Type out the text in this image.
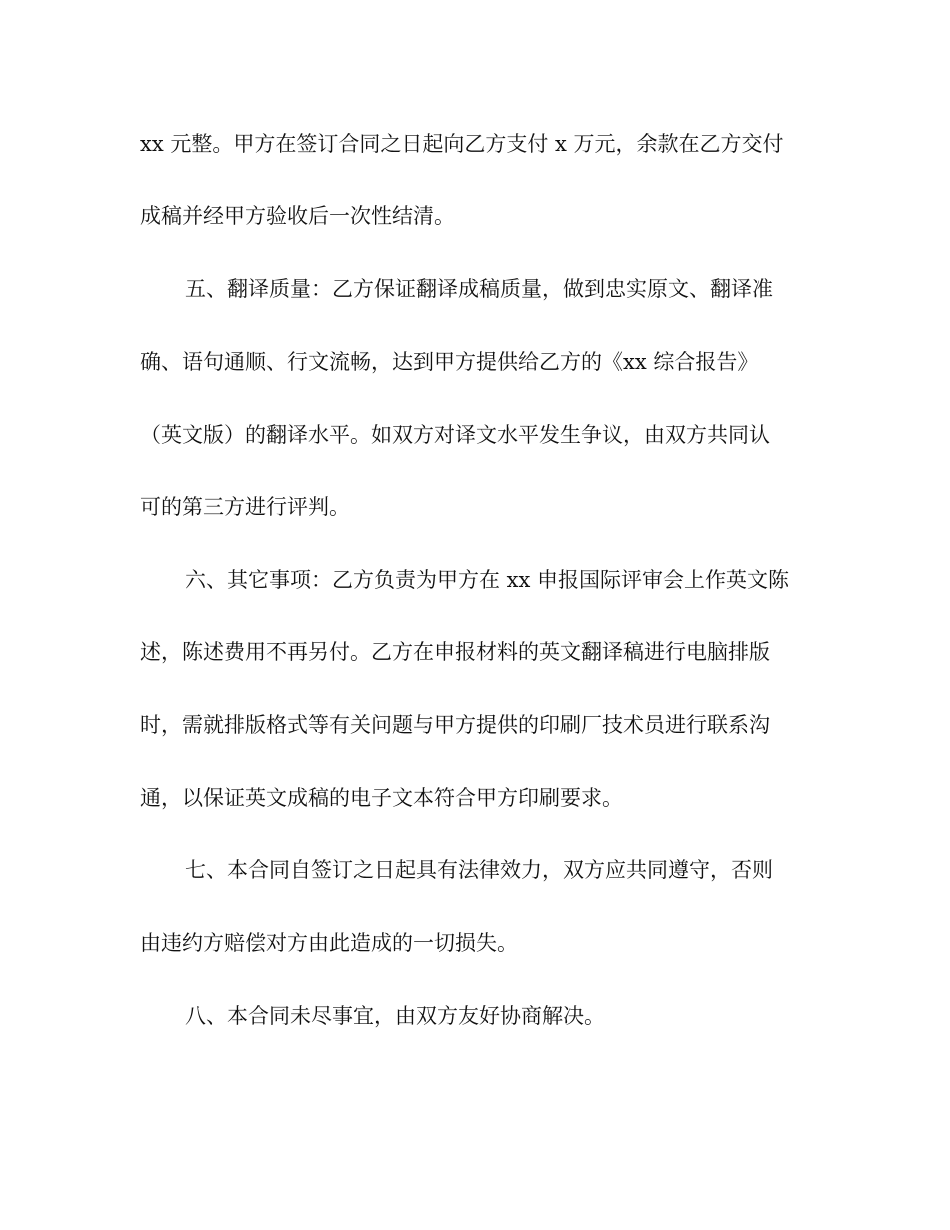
xx 元整。甲方在签订合同之日起向乙方支付 x 万元，余款在乙方交付
成稿并经甲方验收后一次性结清。
五、翻译质量：乙方保证翻译成稿质量，做到忠实原文、翻译准
确、语句通顺、行文流畅，达到甲方提供给乙方的《xx 综合报告》
（英文版）的翻译水平。如双方对译文水平发生争议，由双方共同认
可的第三方进行评判。
六、其它事项：乙方负责为甲方在 xx 申报国际评审会上作英文陈
述，陈述费用不再另付。乙方在申报材料的英文翻译稿进行电脑排版
时，需就排版格式等有关问题与甲方提供的印刷厂技术员进行联系沟
通，以保证英文成稿的电子文本符合甲方印刷要求。
七、本合同自签订之日起具有法律效力，双方应共同遵守，否则
由违约方赔偿对方由此造成的一切损失。
八、本合同未尽事宜，由双方友好协商解决。
